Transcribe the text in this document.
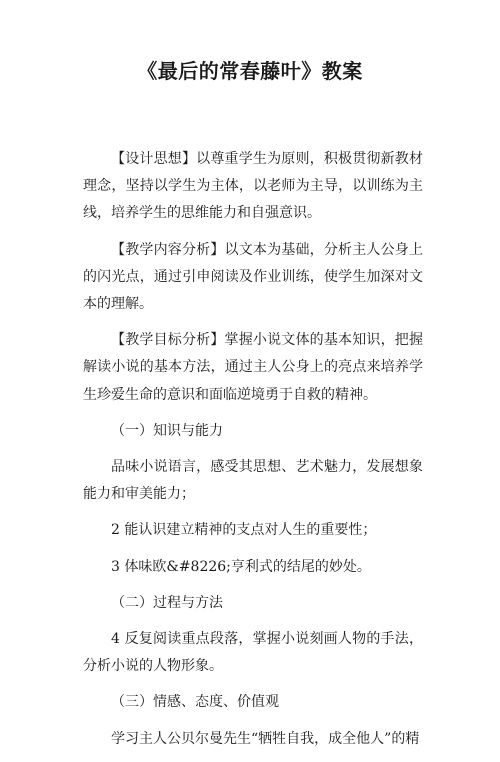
《最后的常春藤叶》教案

【设计思想】以尊重学生为原则，积极贯彻新教材理念，坚持以学生为主体，以老师为主导，以训练为主线，培养学生的思维能力和自强意识。

【教学内容分析】以文本为基础，分析主人公身上的闪光点，通过引申阅读及作业训练，使学生加深对文本的理解。

【教学目标分析】掌握小说文体的基本知识，把握解读小说的基本方法，通过主人公身上的亮点来培养学生珍爱生命的意识和面临逆境勇于自救的精神。

（一）知识与能力

品味小说语言，感受其思想、艺术魅力，发展想象能力和审美能力；

2 能认识建立精神的支点对人生的重要性；

3 体味欧&#8226;亨利式的结尾的妙处。

（二）过程与方法

4 反复阅读重点段落，掌握小说刻画人物的手法，分析小说的人物形象。

（三）情感、态度、价值观

学习主人公贝尔曼先生“牺牲自我，成全他人”的精
